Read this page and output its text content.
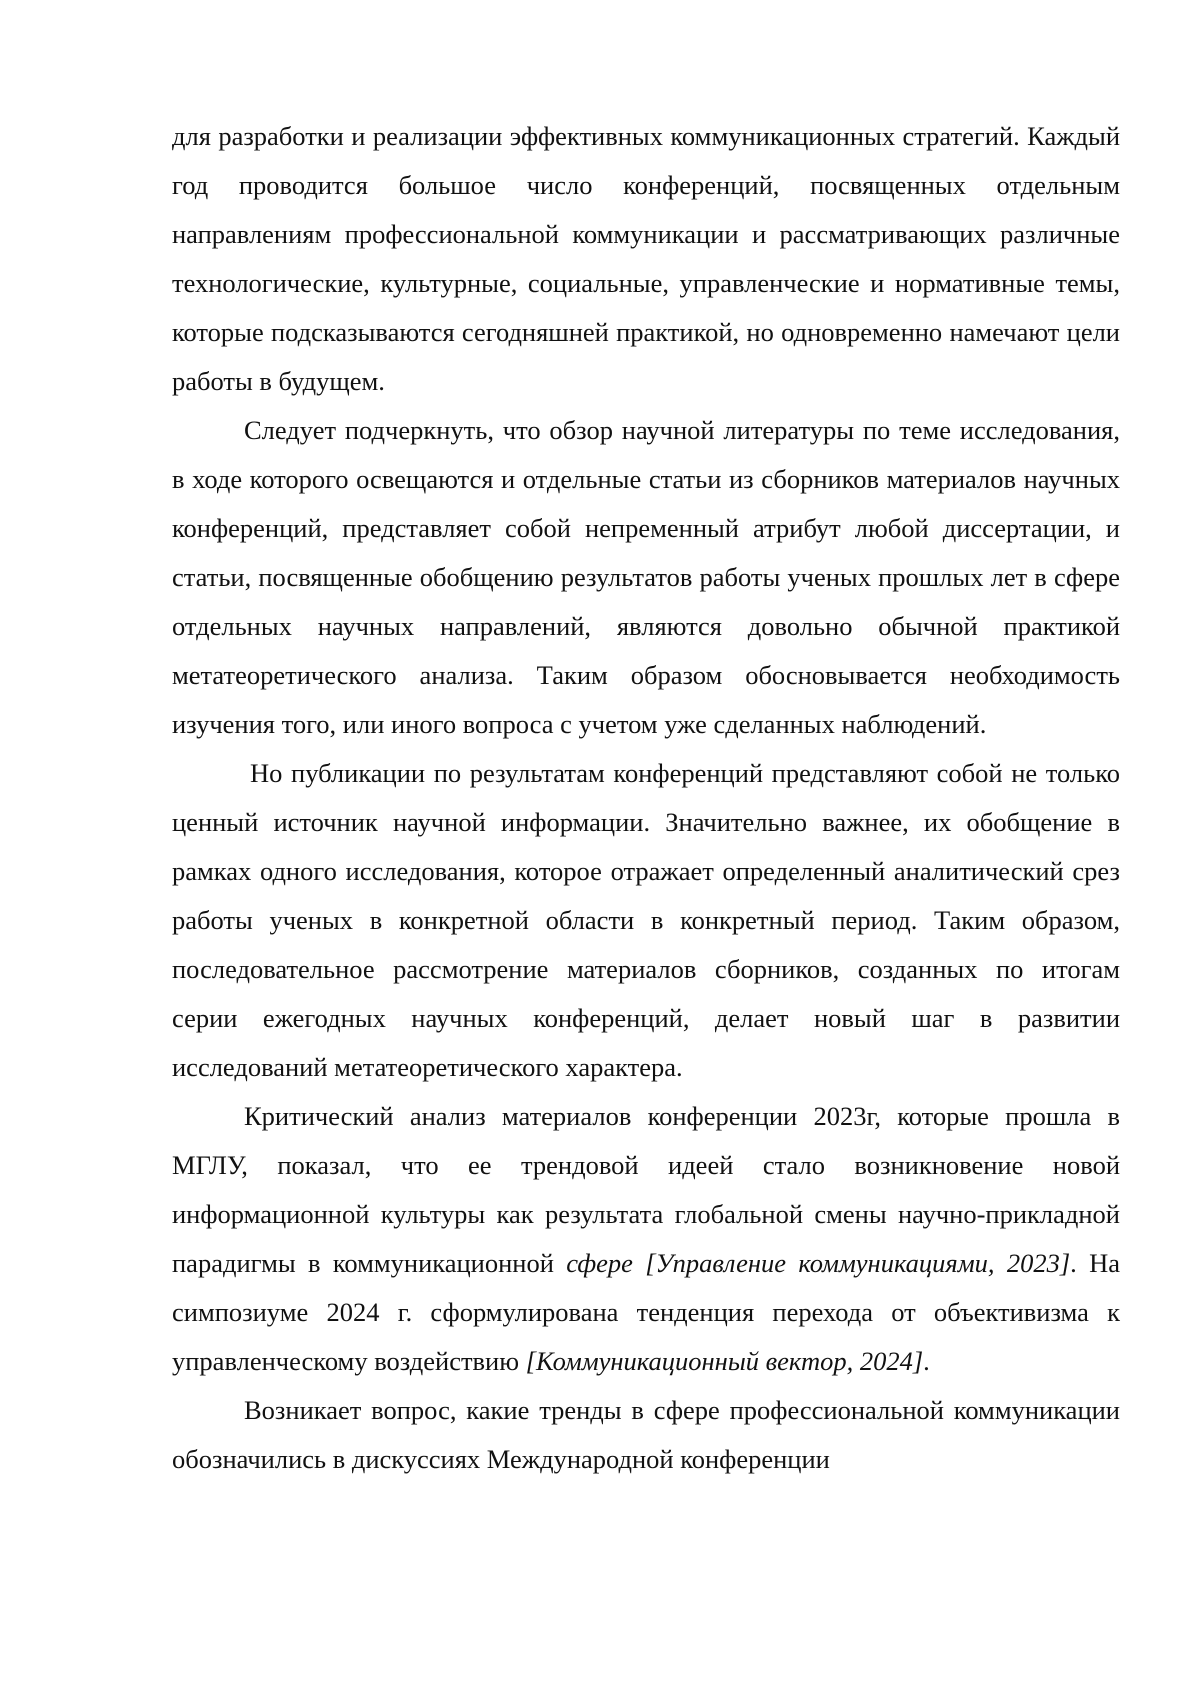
для разработки и реализации эффективных коммуникационных стратегий. Каждый год проводится большое число конференций, посвященных отдельным направлениям профессиональной коммуникации и рассматривающих различные технологические, культурные, социальные, управленческие и нормативные темы, которые подсказываются сегодняшней практикой, но одновременно намечают цели работы в будущем.

Следует подчеркнуть, что обзор научной литературы по теме исследования, в ходе которого освещаются и отдельные статьи из сборников материалов научных конференций, представляет собой непременный атрибут любой диссертации, и статьи, посвященные обобщению результатов работы ученых прошлых лет в сфере отдельных научных направлений, являются довольно обычной практикой метатеоретического анализа. Таким образом обосновывается необходимость изучения того, или иного вопроса с учетом уже сделанных наблюдений.

Но публикации по результатам конференций представляют собой не только ценный источник научной информации. Значительно важнее, их обобщение в рамках одного исследования, которое отражает определенный аналитический срез работы ученых в конкретной области в конкретный период. Таким образом, последовательное рассмотрение материалов сборников, созданных по итогам серии ежегодных научных конференций, делает новый шаг в развитии исследований метатеоретического характера.

Критический анализ материалов конференции 2023г, которые прошла в МГЛУ, показал, что ее трендовой идеей стало возникновение новой информационной культуры как результата глобальной смены научно-прикладной парадигмы в коммуникационной сфере [Управление коммуникациями, 2023]. На симпозиуме 2024 г. сформулирована тенденция перехода от объективизма к управленческому воздействию [Коммуникационный вектор, 2024].

Возникает вопрос, какие тренды в сфере профессиональной коммуникации обозначились в дискуссиях Международной конференции
